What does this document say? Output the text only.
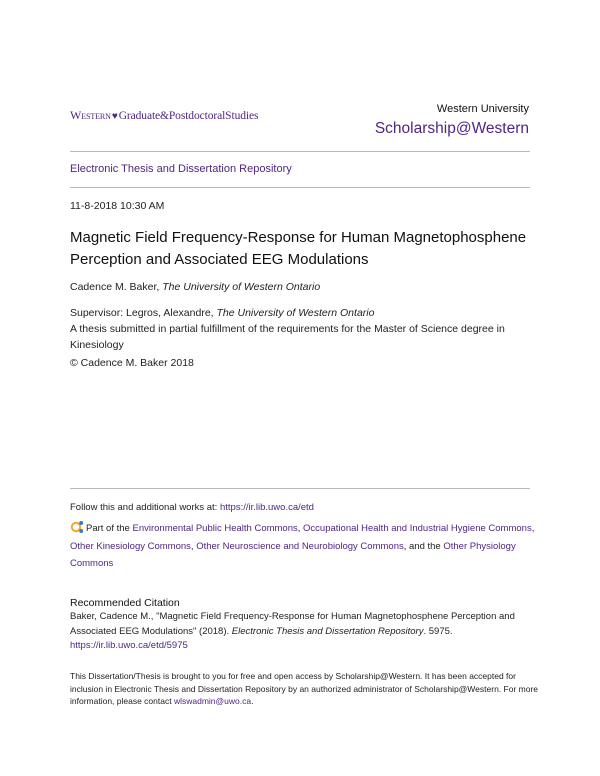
Western♥Graduate&PostdoctoralStudies
Western University
Scholarship@Western
Electronic Thesis and Dissertation Repository
11-8-2018 10:30 AM
Magnetic Field Frequency-Response for Human Magnetophosphene Perception and Associated EEG Modulations
Cadence M. Baker, The University of Western Ontario
Supervisor: Legros, Alexandre, The University of Western Ontario
A thesis submitted in partial fulfillment of the requirements for the Master of Science degree in Kinesiology
© Cadence M. Baker 2018
Follow this and additional works at: https://ir.lib.uwo.ca/etd
Part of the Environmental Public Health Commons, Occupational Health and Industrial Hygiene Commons, Other Kinesiology Commons, Other Neuroscience and Neurobiology Commons, and the Other Physiology Commons
Recommended Citation
Baker, Cadence M., "Magnetic Field Frequency-Response for Human Magnetophosphene Perception and Associated EEG Modulations" (2018). Electronic Thesis and Dissertation Repository. 5975.
https://ir.lib.uwo.ca/etd/5975
This Dissertation/Thesis is brought to you for free and open access by Scholarship@Western. It has been accepted for inclusion in Electronic Thesis and Dissertation Repository by an authorized administrator of Scholarship@Western. For more information, please contact wlswadmin@uwo.ca.
